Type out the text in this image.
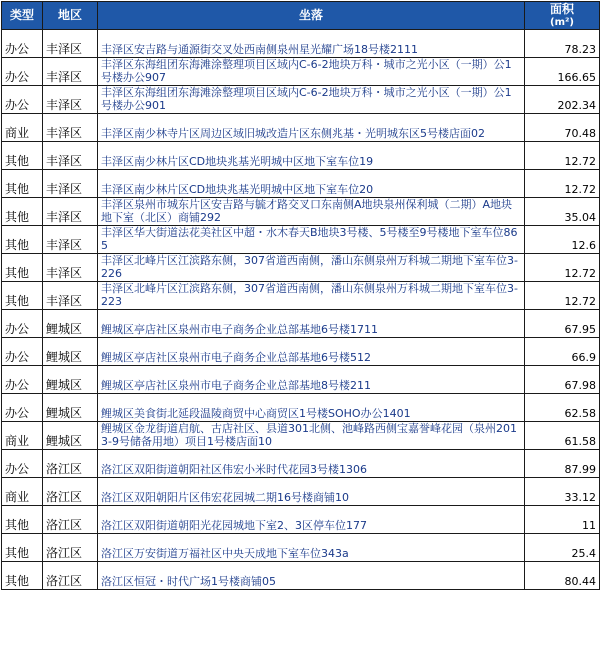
类型	地区	坐落	面积
(m²)

办公	丰泽区	丰泽区安吉路与通源街交叉处西南侧泉州星光耀广场18号楼2111	78.23
办公	丰泽区	丰泽区东海组团东海滩涂整理项目区域内C-6-2地块万科・城市之光小区（一期）公1号楼办公907	166.65
办公	丰泽区	丰泽区东海组团东海滩涂整理项目区域内C-6-2地块万科・城市之光小区（一期）公1号楼办公901	202.34
商业	丰泽区	丰泽区南少林寺片区周边区域旧城改造片区东侧兆基・光明城东区5号楼店面02	70.48
其他	丰泽区	丰泽区南少林片区CD地块兆基光明城中区地下室车位19	12.72
其他	丰泽区	丰泽区南少林片区CD地块兆基光明城中区地下室车位20	12.72
其他	丰泽区	丰泽区泉州市城东片区安吉路与毓才路交叉口东南侧A地块泉州保利城（二期）A地块地下室（北区）商铺292	35.04
其他	丰泽区	丰泽区华大街道法花美社区中超・水木春天B地块3号楼、5号楼至9号楼地下室车位865	12.6
其他	丰泽区	丰泽区北峰片区江滨路东侧，307省道西南侧，潘山东侧泉州万科城二期地下室车位3-226	12.72
其他	丰泽区	丰泽区北峰片区江滨路东侧，307省道西南侧，潘山东侧泉州万科城二期地下室车位3-223	12.72
办公	鲤城区	鲤城区亭店社区泉州市电子商务企业总部基地6号楼1711	67.95
办公	鲤城区	鲤城区亭店社区泉州市电子商务企业总部基地6号楼512	66.9
办公	鲤城区	鲤城区亭店社区泉州市电子商务企业总部基地8号楼211	67.98
办公	鲤城区	鲤城区美食街北延段温陵商贸中心商贸区1号楼SOHO办公1401	62.58
商业	鲤城区	鲤城区金龙街道启航、古店社区、县道301北侧、池峰路西侧宝嘉誉峰花园（泉州2013-9号储备用地）项目1号楼店面10	61.58
办公	洛江区	洛江区双阳街道朝阳社区伟宏小米时代花园3号楼1306	87.99
商业	洛江区	洛江区双阳朝阳片区伟宏花园城二期16号楼商铺10	33.12
其他	洛江区	洛江区双阳街道朝阳光花园城地下室2、3区停车位177	11
其他	洛江区	洛江区万安街道万福社区中央天成地下室车位343a	25.4
其他	洛江区	洛江区恒冠・时代广场1号楼商铺05	80.44
